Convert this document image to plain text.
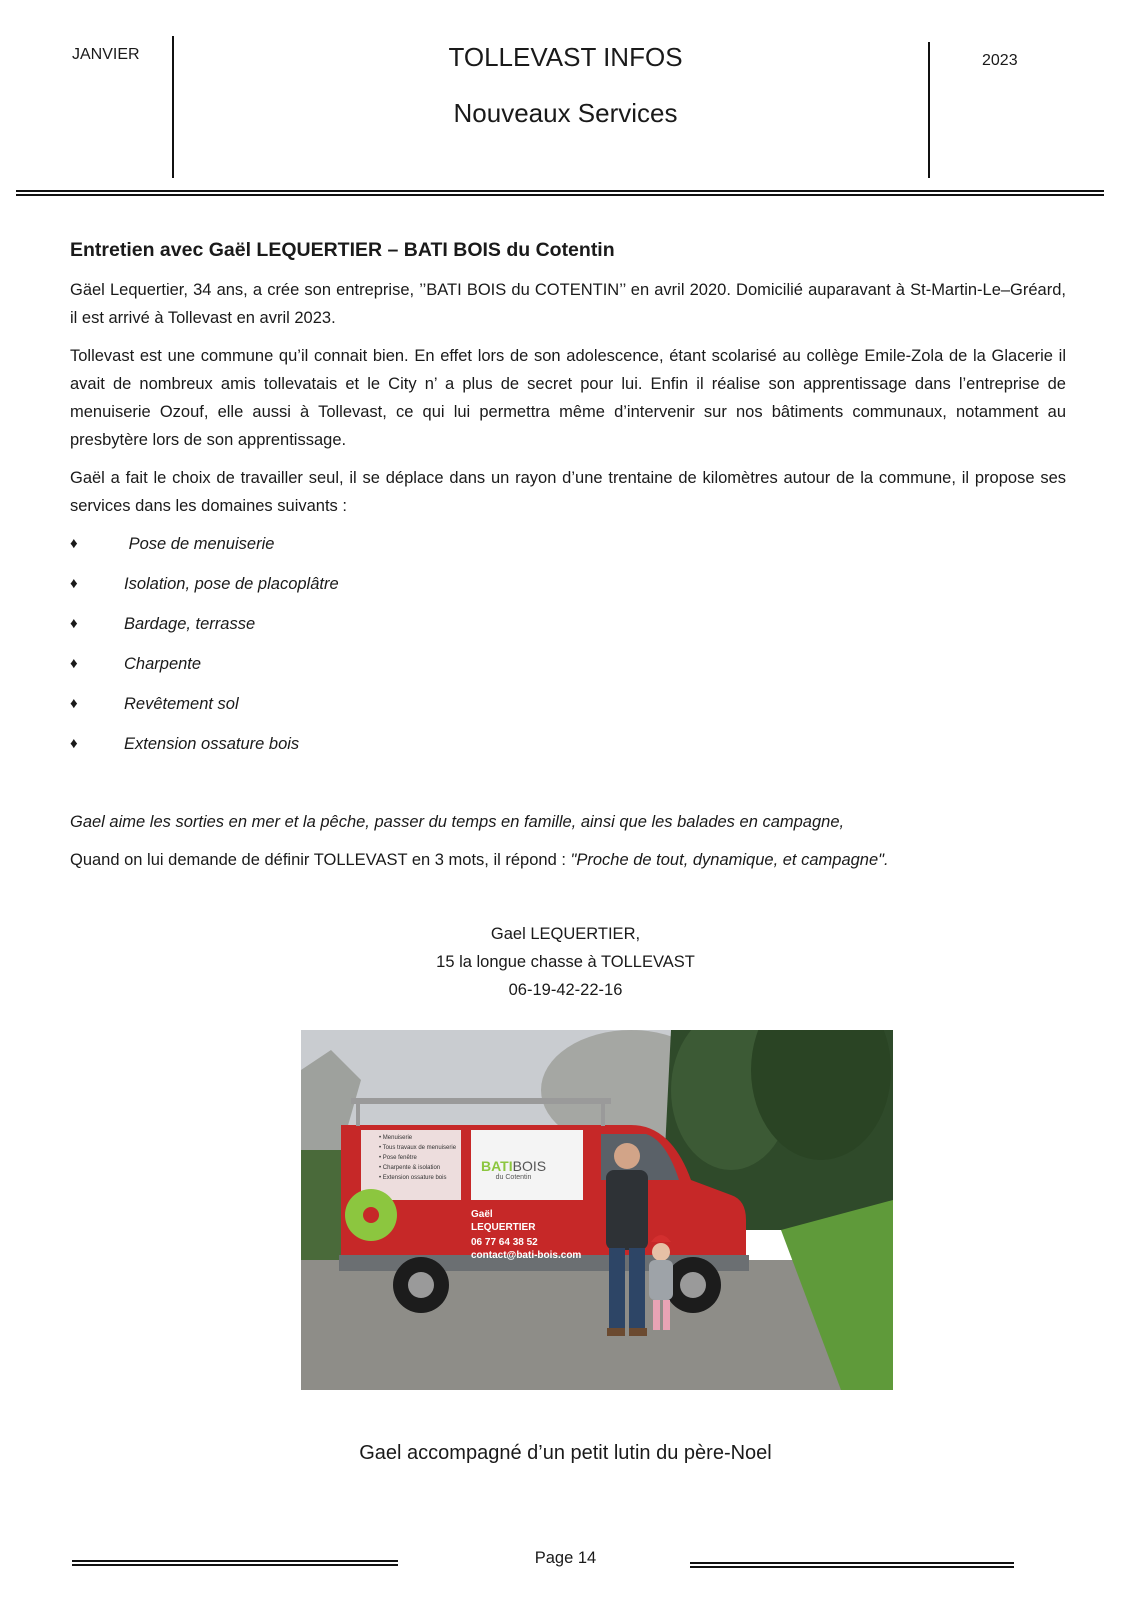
JANVIER	TOLLEVAST INFOS
Nouveaux Services
2023
Entretien avec Gaël LEQUERTIER – BATI BOIS du Cotentin

Gäel Lequertier, 34 ans, a crée son entreprise, ’’BATI BOIS du COTENTIN’’ en avril 2020. Domicilié auparavant à St-Martin-Le–Gréard, il est arrivé à Tollevast en avril 2023.

Tollevast est une commune qu’il connait bien. En effet lors de son adolescence, étant scolarisé au collège Emile-Zola de la Glacerie il avait de nombreux amis tollevatais et le City n’ a plus de secret pour lui. Enfin il réalise son apprentissage dans l’entreprise de menuiserie Ozouf, elle aussi à Tollevast, ce qui lui permettra même d’intervenir sur nos bâtiments communaux, notamment au presbytère lors de son apprentissage.

Gaël a fait le choix de travailler seul, il se déplace dans un rayon d’une trentaine de kilomètres autour de la commune, il propose ses services dans les domaines suivants :

♦	Pose de menuiserie
♦	Isolation, pose de placoplâtre
♦	Bardage, terrasse
♦	Charpente
♦	Revêtement sol
♦	Extension ossature bois

Gael aime les sorties en mer et la pêche, passer du temps en famille, ainsi que les balades en campagne,

Quand on lui demande de définir TOLLEVAST en 3 mots, il répond : "Proche de tout, dynamique, et campagne".

Gael LEQUERTIER,
15 la longue chasse à TOLLEVAST
06-19-42-22-16
• Menuiserie
• Tous travaux de menuiserie
• Pose fenêtre
• Charpente & isolation
• Extension ossature bois
BATIBOIS
du Cotentin
Gaël
LEQUERTIER
06 77 64 38 52
contact@bati-bois.com
Gael accompagné d’un petit lutin du père-Noel
Page 14
